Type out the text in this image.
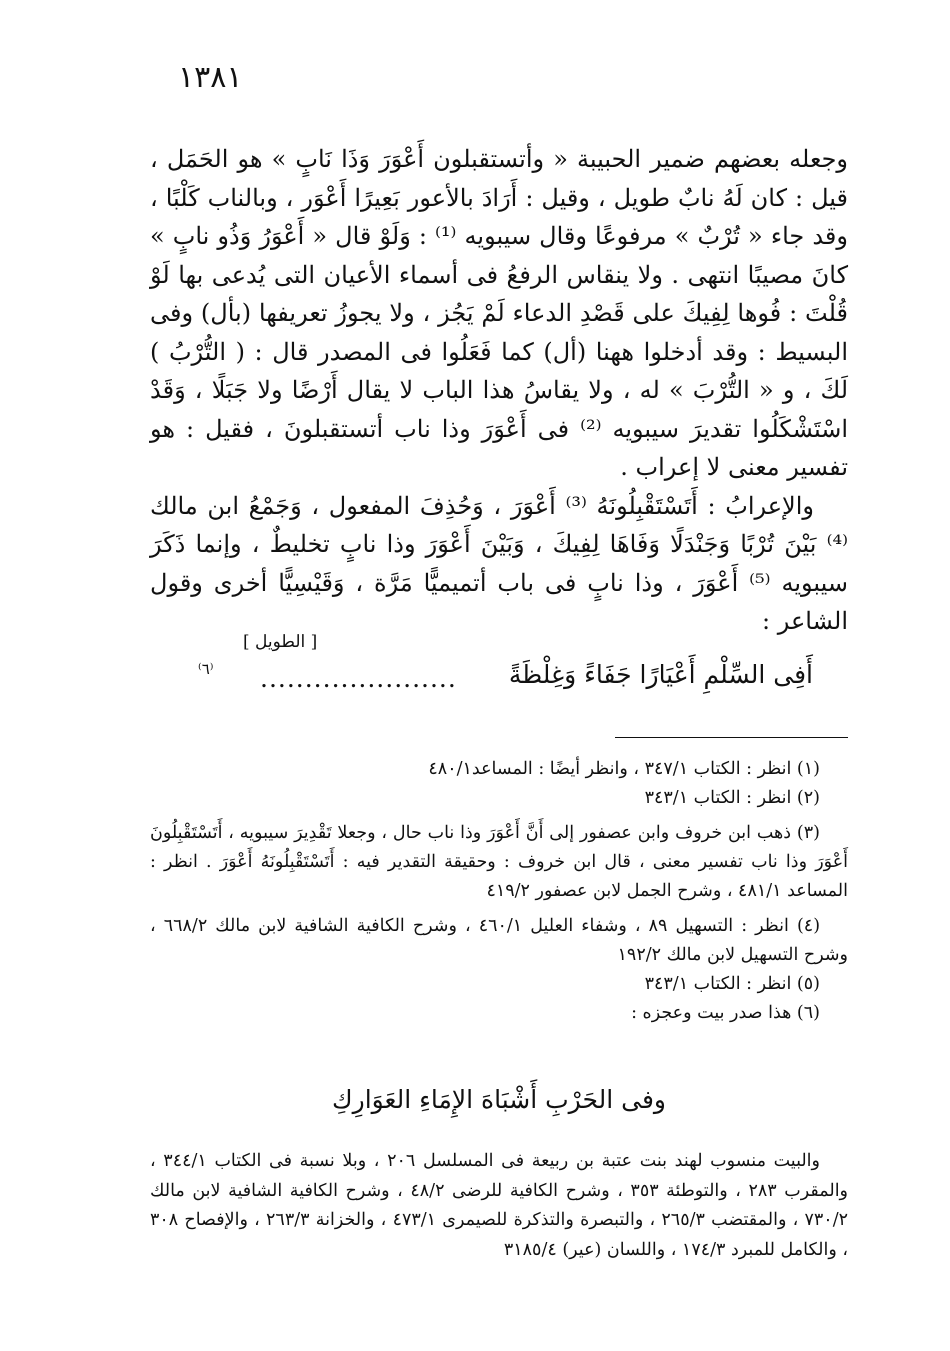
١٣٨١

وجعله بعضهم ضمير الحبيبة « وأتستقبلون أَعْوَرَ وَذَا نَابٍ » هو الحَمَل ، قيل : كان لَهُ نابٌ طويل ، وقيل : أَرَادَ بالأعور بَعِيرًا أَعْوَر ، وبالناب كَلْبًا ، وقد جاء « تُرْبٌ » مرفوعًا وقال سيبويه ⁽¹⁾ : وَلَوْ قال « أَعْوَرُ وَذُو نابٍ » كانَ مصيبًا انتهى . ولا ينقاس الرفعُ فى أسماء الأعيان التى يُدعى بها لَوْ قُلْتَ : فُوها لِفِيكَ على قَصْدِ الدعاء لَمْ يَجُز ، ولا يجوزُ تعريفها (بأل) وفى البسيط : وقد أدخلوا ههنا (أل) كما فَعَلُوا فى المصدر قال : ( التُّرْبُ ) لَكَ ، و « التُّرْبَ » له ، ولا يقاسُ هذا الباب لا يقال أَرْضًا ولا جَبَلًا ، وَقَدْ اسْتَشْكَلُوا تقديرَ سيبويه ⁽²⁾ فى أَعْوَرَ وذا ناب أتستقبلونَ ، فقيل : هو تفسير معنى لا إعراب .

والإعرابُ : أَتَسْتَقْبِلُونَهُ ⁽³⁾ أَعْوَرَ ، وَحُذِفَ المفعول ، وَجَمْعُ ابن مالك ⁽⁴⁾ بَيْنَ تُرْبًا وَجَنْدَلًا وَفَاهَا لِفِيكَ ، وَبَيْنَ أَعْوَرَ وذا نابٍ تخليطٌ ، وإنما ذَكَرَ سيبويه ⁽⁵⁾ أَعْوَرَ ، وذا نابٍ فى باب أتميميًّا مَرَّة ، وَقَيْسِيًّا أخرى وقول الشاعر :

[ الطويل ]
أَفِى السِّلْمِ أَعْيَارًا جَفَاءً وَغِلْظَةً
......................
⁽٦⁾

(١) انظر : الكتاب ٣٤٧/١ ، وانظر أيضًا : المساعد٤٨٠/١

(٢) انظر : الكتاب ٣٤٣/١

(٣) ذهب ابن خروف وابن عصفور إلى أَنَّ أَعْوَرَ وذا ناب حال ، وجعلا تَقْدِيرَ سيبويه ، أَتَسْتَقْبِلُونَ أَعْوَرَ وذا ناب تفسير معنى ، قال ابن خروف : وحقيقة التقدير فيه : أَتَسْتَقْبِلُونَهُ أَعْوَرَ . انظر : المساعد ٤٨١/١ ، وشرح الجمل لابن عصفور ٤١٩/٢

(٤) انظر : التسهيل ٨٩ ، وشفاء العليل ٤٦٠/١ ، وشرح الكافية الشافية لابن مالك ٦٦٨/٢ ، وشرح التسهيل لابن مالك ١٩٢/٢

(٥) انظر : الكتاب ٣٤٣/١

(٦) هذا صدر بيت وعجزه :

وفى الحَرْبِ أَشْبَاهَ الإِمَاءِ العَوَارِكِ

والبيت منسوب لهند بنت عتبة بن ربيعة فى المسلسل ٢٠٦ ، وبلا نسبة فى الكتاب ٣٤٤/١ ، والمقرب ٢٨٣ ، والتوطئة ٣٥٣ ، وشرح الكافية للرضى ٤٨/٢ ، وشرح الكافية الشافية لابن مالك ٧٣٠/٢ ، والمقتضب ٢٦٥/٣ ، والتبصرة والتذكرة للصيمرى ٤٧٣/١ ، والخزانة ٢٦٣/٣ ، والإفصاح ٣٠٨ ، والكامل للمبرد ١٧٤/٣ ، واللسان (عير) ٣١٨٥/٤
